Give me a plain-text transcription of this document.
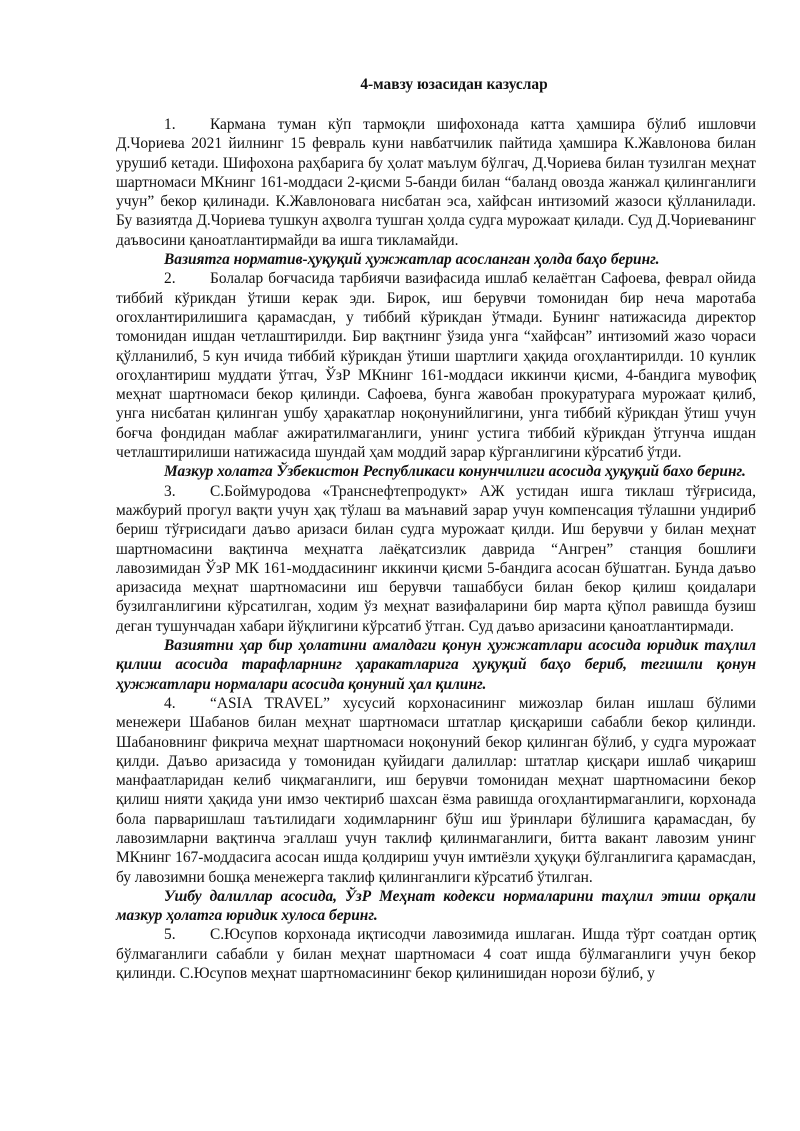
4-мавзу юзасидан казуслар

1. Кармана туман кўп тармоқли шифохонада катта ҳамшира бўлиб ишловчи Д.Чориева 2021 йилнинг 15 февраль куни навбатчилик пайтида ҳамшира К.Жавлонова билан урушиб кетади. Шифохона раҳбарига бу ҳолат маълум бўлгач, Д.Чориева билан тузилган меҳнат шартномаси МКнинг 161-моддаси 2-қисми 5-банди билан “баланд овозда жанжал қилинганлиги учун” бекор қилинади. К.Жавлоновага нисбатан эса, хайфсан интизомий жазоси қўлланилади. Бу вазиятда Д.Чориева тушкун аҳволга тушган ҳолда судга мурожаат қилади. Суд Д.Чориеванинг даъвосини қаноатлантирмайди ва ишга тикламайди.

Вазиятга норматив-ҳуқуқий ҳужжатлар асосланган ҳолда баҳо беринг.

2. Болалар боғчасида тарбиячи вазифасида ишлаб келаётган Сафоева, феврал ойида тиббий кўрикдан ўтиши керак эди. Бирок, иш берувчи томонидан бир неча маротаба огохлантирилишига қарамасдан, у тиббий кўрикдан ўтмади. Бунинг натижасида директор томонидан ишдан четлаштирилди. Бир вақтнинг ўзида унга “хайфсан” интизомий жазо чораси қўлланилиб, 5 кун ичида тиббий кўрикдан ўтиши шартлиги ҳақида огоҳлантирилди. 10 кунлик огоҳлантириш муддати ўтгач, ЎзР МКнинг 161-моддаси иккинчи қисми, 4-бандига мувофиқ меҳнат шартномаси бекор қилинди. Сафоева, бунга жавобан прокуратурага мурожаат қилиб, унга нисбатан қилинган ушбу ҳаракатлар ноқонунийлигини, унга тиббий кўрикдан ўтиш учун боғча фондидан маблағ ажиратилмаганлиги, унинг устига тиббий кўрикдан ўтгунча ишдан четлаштирилиши натижасида шундай ҳам моддий зарар кўрганлигини кўрсатиб ўтди.

Мазкур холатга Ўзбекистон Республикаси конунчилиги асосида ҳуқуқий бахо беринг.

3. С.Боймуродова «Транснефтепродукт» АЖ устидан ишга тиклаш тўғрисида, мажбурий прогул вақти учун ҳақ тўлаш ва маънавий зарар учун компенсация тўлашни ундириб бериш тўғрисидаги даъво аризаси билан судга мурожаат қилди. Иш берувчи у билан меҳнат шартномасини вақтинча меҳнатга лаёқатсизлик даврида “Ангрен” станция бошлиғи лавозимидан ЎзР МК 161-моддасининг иккинчи қисми 5-бандига асосан бўшатган. Бунда даъво аризасида меҳнат шартномасини иш берувчи ташаббуси билан бекор қилиш қоидалари бузилганлигини кўрсатилган, ходим ўз меҳнат вазифаларини бир марта қўпол равишда бузиш деган тушунчадан хабари йўқлигини кўрсатиб ўтган. Суд даъво аризасини қаноатлантирмади.

Вазиятни ҳар бир ҳолатини амалдаги қонун ҳужжатлари асосида юридик таҳлил қилиш асосида тарафларнинг ҳаракатларига ҳуқуқий баҳо бериб, тегишли қонун ҳужжатлари нормалари асосида қонуний ҳал қилинг.

4. “ASIA TRAVEL” хусусий корхонасининг мижозлар билан ишлаш бўлими менежери Шабанов билан меҳнат шартномаси штатлар қисқариши сабабли бекор қилинди. Шабановнинг фикрича меҳнат шартномаси ноқонуний бекор қилинган бўлиб, у судга мурожаат қилди. Даъво аризасида у томонидан қуйидаги далиллар: штатлар қисқари ишлаб чиқариш манфаатларидан келиб чиқмаганлиги, иш берувчи томонидан меҳнат шартномасини бекор қилиш нияти ҳақида уни имзо чектириб шахсан ёзма равишда огоҳлантирмаганлиги, корхонада бола парваришлаш таътилидаги ходимларнинг бўш иш ўринлари бўлишига қарамасдан, бу лавозимларни вақтинча эгаллаш учун таклиф қилинмаганлиги, битта вакант лавозим унинг МКнинг 167-моддасига асосан ишда қолдириш учун имтиёзли ҳуқуқи бўлганлигига қарамасдан, бу лавозимни бошқа менежерга таклиф қилинганлиги кўрсатиб ўтилган.

Ушбу далиллар асосида, ЎзР Меҳнат кодекси нормаларини таҳлил этиш орқали мазкур ҳолатга юридик хулоса беринг.

5. С.Юсупов корхонада иқтисодчи лавозимида ишлаган. Ишда тўрт соатдан ортиқ бўлмаганлиги сабабли у билан меҳнат шартномаси 4 соат ишда бўлмаганлиги учун бекор қилинди. С.Юсупов меҳнат шартномасининг бекор қилинишидан норози бўлиб, у
